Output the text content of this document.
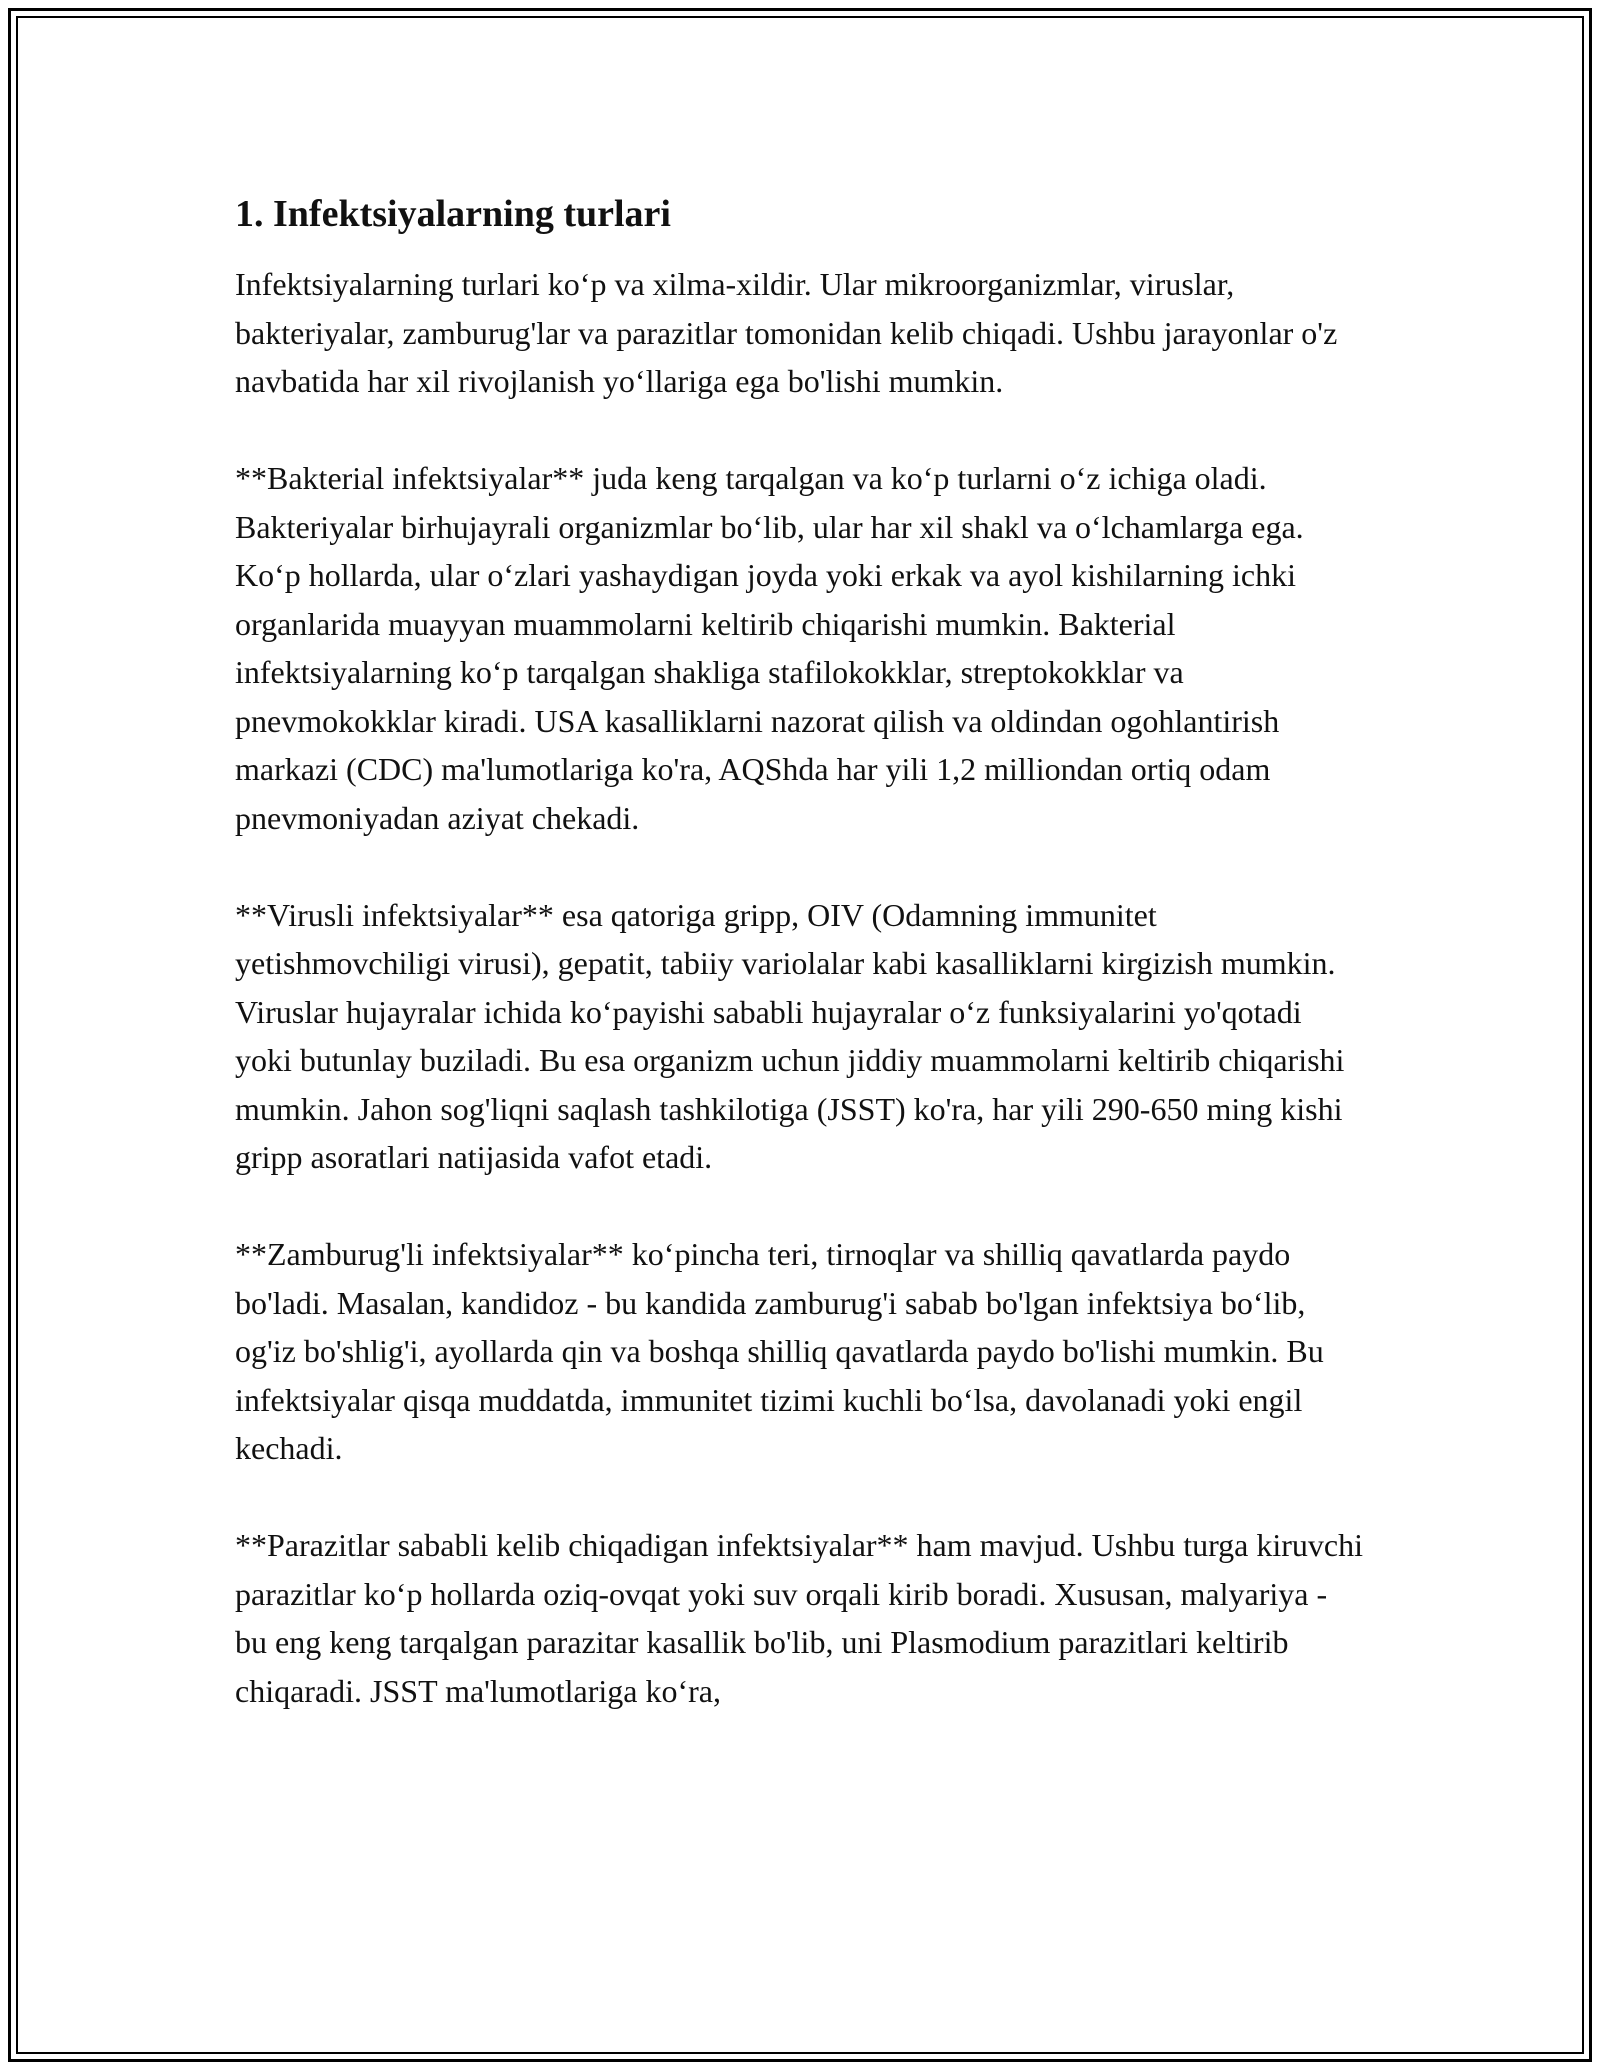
1. Infektsiyalarning turlari

Infektsiyalarning turlari ko‘p va xilma-xildir. Ular mikroorganizmlar, viruslar, bakteriyalar, zamburug'lar va parazitlar tomonidan kelib chiqadi. Ushbu jarayonlar o'z navbatida har xil rivojlanish yo‘llariga ega bo'lishi mumkin.

**Bakterial infektsiyalar** juda keng tarqalgan va ko‘p turlarni o‘z ichiga oladi. Bakteriyalar birhujayrali organizmlar bo‘lib, ular har xil shakl va o‘lchamlarga ega. Ko‘p hollarda, ular o‘zlari yashaydigan joyda yoki erkak va ayol kishilarning ichki organlarida muayyan muammolarni keltirib chiqarishi mumkin. Bakterial infektsiyalarning ko‘p tarqalgan shakliga stafilokokklar, streptokokklar va pnevmokokklar kiradi. USA kasalliklarni nazorat qilish va oldindan ogohlantirish markazi (CDC) ma'lumotlariga ko'ra, AQShda har yili 1,2 milliondan ortiq odam pnevmoniyadan aziyat chekadi.

**Virusli infektsiyalar** esa qatoriga gripp, OIV (Odamning immunitet yetishmovchiligi virusi), gepatit, tabiiy variolalar kabi kasalliklarni kirgizish mumkin. Viruslar hujayralar ichida ko‘payishi sababli hujayralar o‘z funksiyalarini yo'qotadi yoki butunlay buziladi. Bu esa organizm uchun jiddiy muammolarni keltirib chiqarishi mumkin. Jahon sog'liqni saqlash tashkilotiga (JSST) ko'ra, har yili 290-650 ming kishi gripp asoratlari natijasida vafot etadi.

**Zamburug'li infektsiyalar** ko‘pincha teri, tirnoqlar va shilliq qavatlarda paydo bo'ladi. Masalan, kandidoz - bu kandida zamburug'i sabab bo'lgan infektsiya bo‘lib, og'iz bo'shlig'i, ayollarda qin va boshqa shilliq qavatlarda paydo bo'lishi mumkin. Bu infektsiyalar qisqa muddatda, immunitet tizimi kuchli bo‘lsa, davolanadi yoki engil kechadi.

**Parazitlar sababli kelib chiqadigan infektsiyalar** ham mavjud. Ushbu turga kiruvchi parazitlar ko‘p hollarda oziq-ovqat yoki suv orqali kirib boradi. Xususan, malyariya - bu eng keng tarqalgan parazitar kasallik bo'lib, uni Plasmodium parazitlari keltirib chiqaradi. JSST ma'lumotlariga ko‘ra,
